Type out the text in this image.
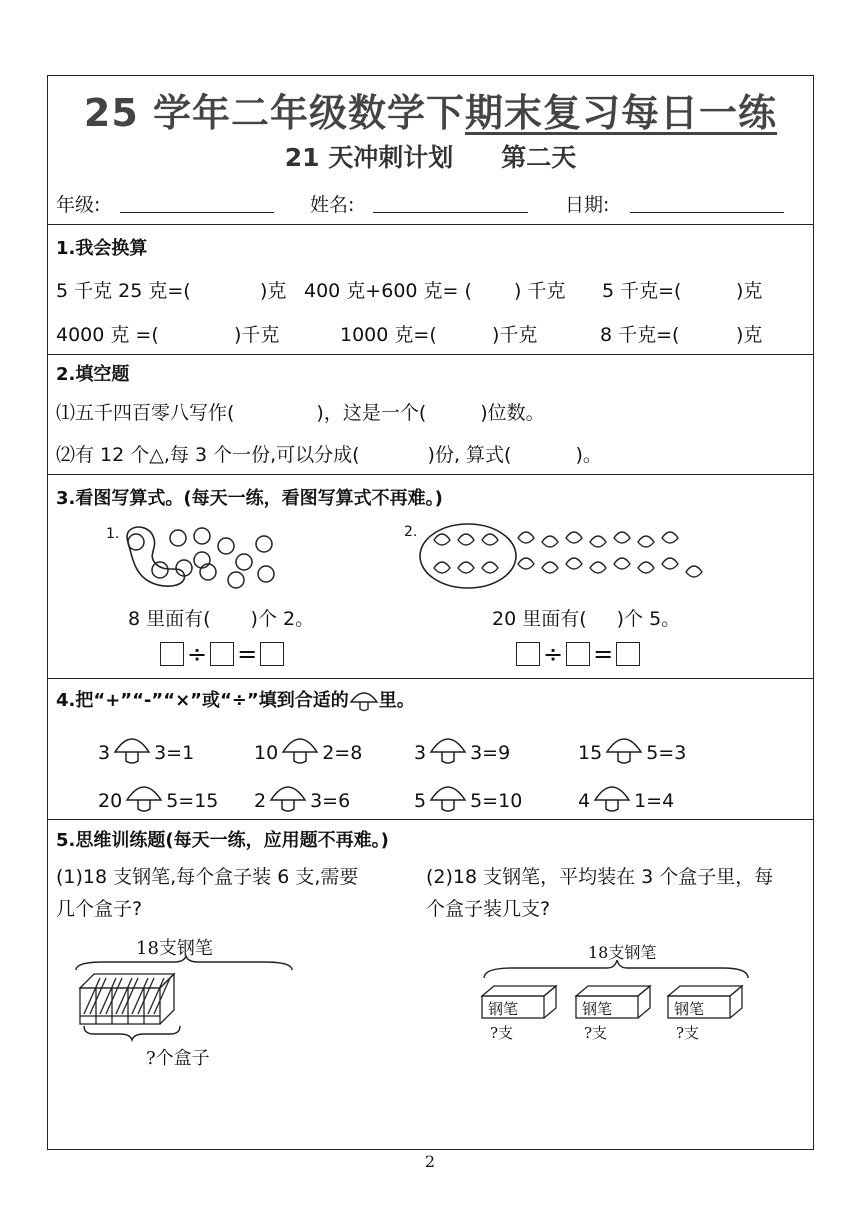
25 学年二年级数学下期末复习每日一练
21 天冲刺计划 第二天
年级:	姓名:	日期:
1.我会换算
5 千克 25 克=(	)克 400 克+600 克= ( ) 千克 5 千克=(	)克
4000 克 =(	)千克	1000 克=(	)千克	8 千克=(	)克
2.填空题
⑴五千四百零八写作(	)，这是一个(	)位数。
⑵有 12 个△,每 3 个一份,可以分成(	)份, 算式(	)。
3.看图写算式。(每天一练，看图写算式不再难。)
1.
8 里面有( )个 2。
÷ =
2.
20 里面有( )个 5。
÷ =
4.把“+”“-”“×”或“÷”填到合适的 里。
3 3=1	10 2=8	3 3=9	15 5=3
20 5=15 2 3=6	5 5=10	4 1=4
5.思维训练题(每天一练，应用题不再难。)
(1)18 支钢笔,每个盒子装 6 支,需要
几个盒子?
(2)18 支钢笔，平均装在 3 个盒子里，每
个盒子装几支?
18支钢笔
?个盒子
18支钢笔
钢笔
?支
钢笔
?支
钢笔
?支
2
